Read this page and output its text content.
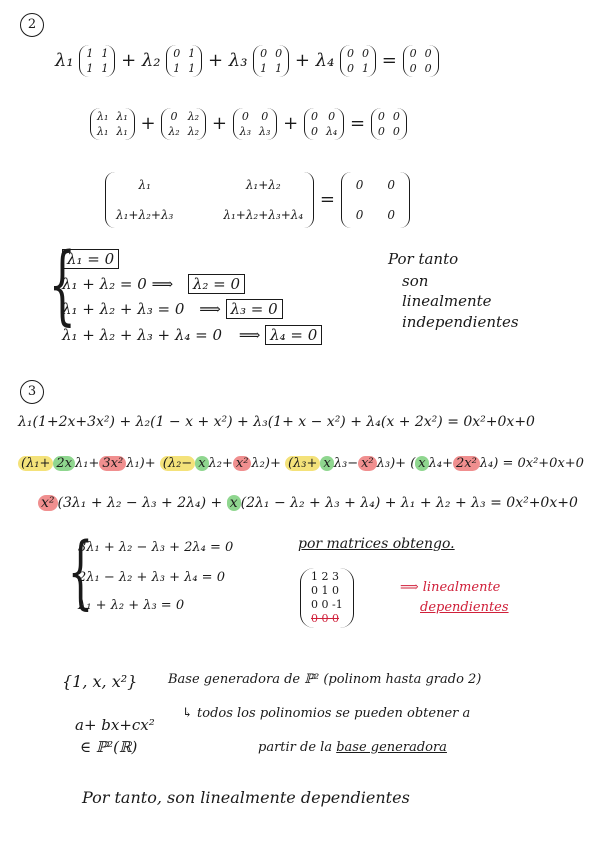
2
λ₁ 1 1
1 1 + λ₂ 0 1
1 1 + λ₃ 0 0
1 1 + λ₄ 0 0
0 1 = 0 0
0 0
λ₁ λ₁
λ₁ λ₁ + 0 λ₂
λ₂ λ₂ + 0 0
λ₃ λ₃ + 0 0
0 λ₄ = 0 0
0 0
λ₁	λ₁+λ₂
λ₁+λ₂+λ₃	λ₁+λ₂+λ₃+λ₄
=
0 0
0 0
{
λ₁ = 0
λ₁ + λ₂ = 0 ⟹ λ₂ = 0
λ₁ + λ₂ + λ₃ = 0 ⟹ λ₃ = 0
λ₁ + λ₂ + λ₃ + λ₄ = 0 ⟹ λ₄ = 0
Por tanto
son
linealmente
independientes
3
λ₁(1+2x+3x²) + λ₂(1 − x + x²) + λ₃(1+ x − x²) + λ₄(x + 2x²) = 0x²+0x+0
(λ₁+ 2x λ₁+ 3x² λ₁)+ (λ₂− x λ₂+ x² λ₂)+ (λ₃+ x λ₃− x² λ₃)+ ( x λ₄+ 2x² λ₄) = 0x²+0x+0
x² (3λ₁ + λ₂ − λ₃ + 2λ₄) + x (2λ₁ − λ₂ + λ₃ + λ₄) + λ₁ + λ₂ + λ₃ = 0x²+0x+0
{
3λ₁ + λ₂ − λ₃ + 2λ₄ = 0
2λ₁ − λ₂ + λ₃ + λ₄ = 0
λ₁ + λ₂ + λ₃ = 0
por matrices obtengo.
1 2 3
0 1 0
0 0 -1
0 0 0
⟹ linealmente
dependientes
{1, x, x²} Base generadora de ℙ² (polinom hasta grado 2)
a+ bx+cx²
∈ ℙ²(ℝ)
↳ todos los polinomios se pueden obtener a
partir de la base generadora
Por tanto, son linealmente dependientes
